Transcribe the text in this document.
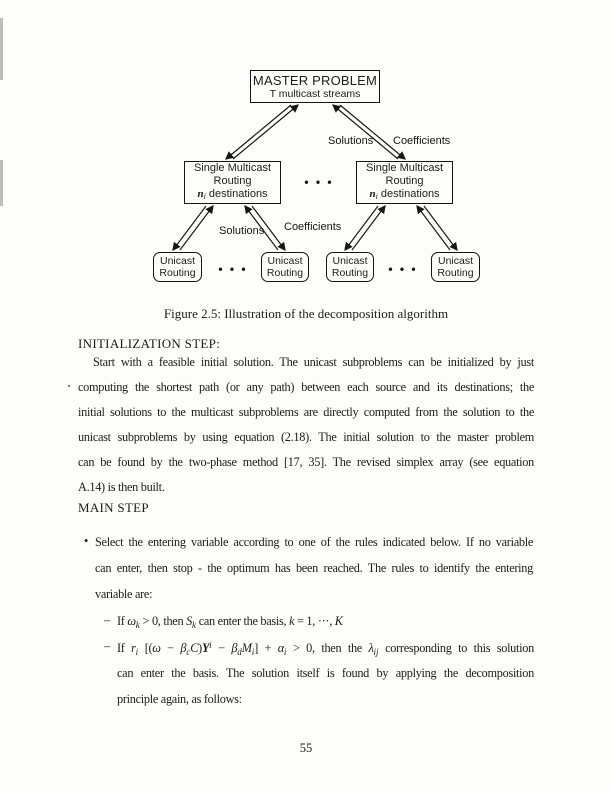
MASTER PROBLEM
T multicast streams
Single Multicast
Routing
ni destinations
Single Multicast
Routing
ni destinations
Unicast
Routing
Unicast
Routing
Unicast
Routing
Unicast
Routing
Solutions Coefficients
Solutions Coefficients
• • •
• • •	• • •
Figure 2.5: Illustration of the decomposition algorithm
INITIALIZATION STEP:
Start with a feasible initial solution. The unicast subproblems can be initialized by just
computing the shortest path (or any path) between each source and its destinations; the
initial solutions to the multicast subproblems are directly computed from the solution to the
unicast subproblems by using equation (2.18). The initial solution to the master problem
can be found by the two-phase method [17, 35]. The revised simplex array (see equation
A.14) is then built.
MAIN STEP
• Select the entering variable according to one of the rules indicated below. If no variable
can enter, then stop - the optimum has been reached. The rules to identify the entering
variable are:
– If $\omega_k > 0$, then $S_k$ can enter the basis, k = 1, ···, K
– If $r_i$ $[(\omega - \beta_cC)Y^i - \beta_dM_i] + \alpha_i > 0$, then the $\lambda_{ij}$ corresponding to this solution
can enter the basis. The solution itself is found by applying the decomposition
principle again, as follows:
55
